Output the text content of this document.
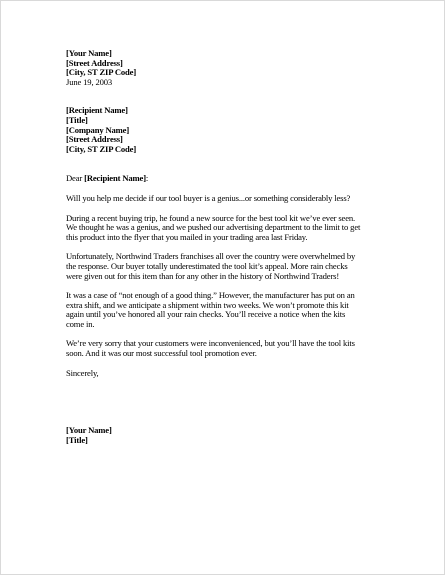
[Your Name]
[Street Address]
[City, ST ZIP Code]
June 19, 2003
[Recipient Name]
[Title]
[Company Name]
[Street Address]
[City, ST ZIP Code]
Dear [Recipient Name]:
Will you help me decide if our tool buyer is a genius...or something considerably less?
During a recent buying trip, he found a new source for the best tool kit we’ve ever seen.
We thought he was a genius, and we pushed our advertising department to the limit to get
this product into the flyer that you mailed in your trading area last Friday.
Unfortunately, Northwind Traders franchises all over the country were overwhelmed by
the response. Our buyer totally underestimated the tool kit’s appeal. More rain checks
were given out for this item than for any other in the history of Northwind Traders!
It was a case of “not enough of a good thing.” However, the manufacturer has put on an
extra shift, and we anticipate a shipment within two weeks. We won’t promote this kit
again until you’ve honored all your rain checks. You’ll receive a notice when the kits
come in.
We’re very sorry that your customers were inconvenienced, but you’ll have the tool kits
soon. And it was our most successful tool promotion ever.
Sincerely,
[Your Name]
[Title]
